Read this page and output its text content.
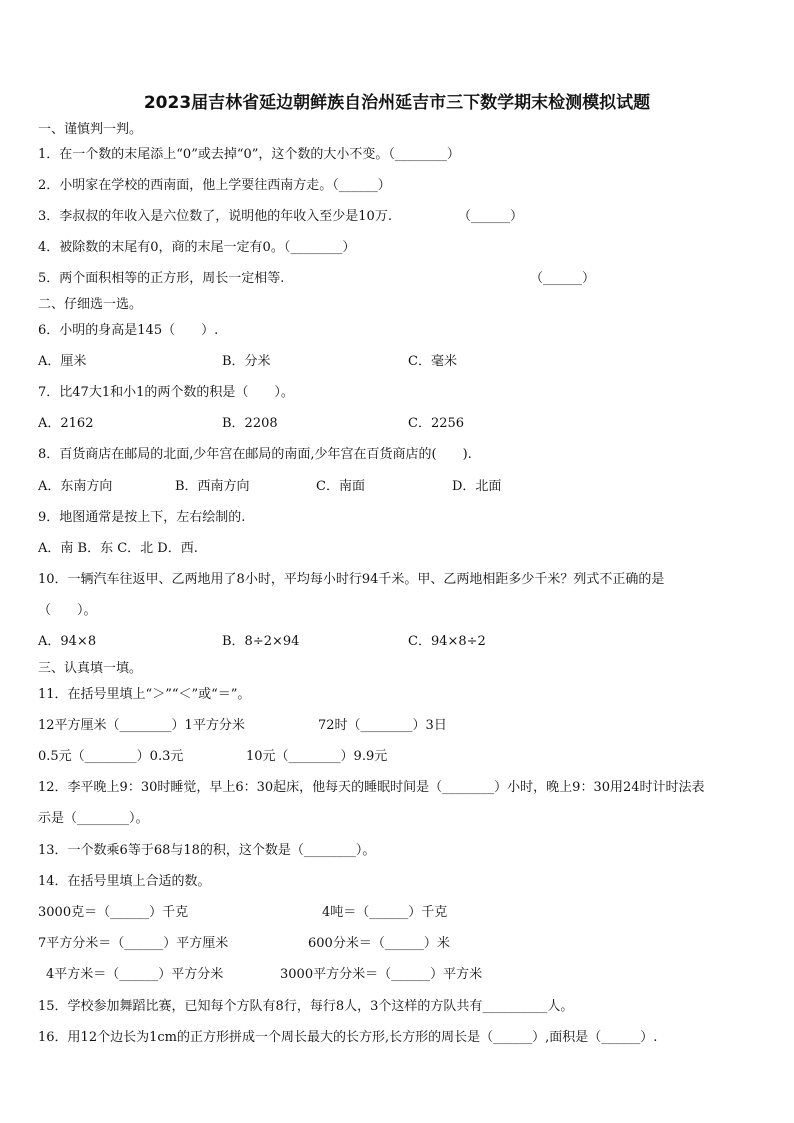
2023届吉林省延边朝鲜族自治州延吉市三下数学期末检测模拟试题
一、谨慎判一判。
1．在一个数的末尾添上“0”或去掉“0”，这个数的大小不变。（________）
2．小明家在学校的西南面，他上学要往西南方走。（______）
3．李叔叔的年收入是六位数了，说明他的年收入至少是10万.	（______）
4．被除数的末尾有0，商的末尾一定有0。（________）
5．两个面积相等的正方形，周长一定相等.	（______）
二、仔细选一选。
6．小明的身高是145（　　）.
A．厘米	B．分米	C．毫米
7．比47大1和小1的两个数的积是（　　）。
A．2162	B．2208	C．2256
8．百货商店在邮局的北面,少年宫在邮局的南面,少年宫在百货商店的(　　).
A．东南方向	B．西南方向	C．南面	D．北面
9．地图通常是按上下，左右绘制的.
A．南 B．东 C．北 D．西.
10．一辆汽车往返甲、乙两地用了8小时，平均每小时行94千米。甲、乙两地相距多少千米？列式不正确的是
（　　）。
A．94×8	B．8÷2×94	C．94×8÷2
三、认真填一填。
11．在括号里填上“＞”“＜”或“＝”。
12平方厘米（________）1平方分米	72时（________）3日
0.5元（________）0.3元	10元（________）9.9元
12．李平晚上9：30时睡觉，早上6：30起床，他每天的睡眠时间是（________）小时，晚上9：30用24时计时法表
示是（________）。
13．一个数乘6等于68与18的积，这个数是（________）。
14．在括号里填上合适的数。
3000克＝（______）千克	4吨＝（______）千克
7平方分米＝（______）平方厘米	600分米＝（______）米
4平方米＝（______）平方分米	3000平方分米＝（______）平方米
15．学校参加舞蹈比赛，已知每个方队有8行，每行8人，3个这样的方队共有__________人。
16．用12个边长为1cm的正方形拼成一个周长最大的长方形,长方形的周长是（______）,面积是（______）.
